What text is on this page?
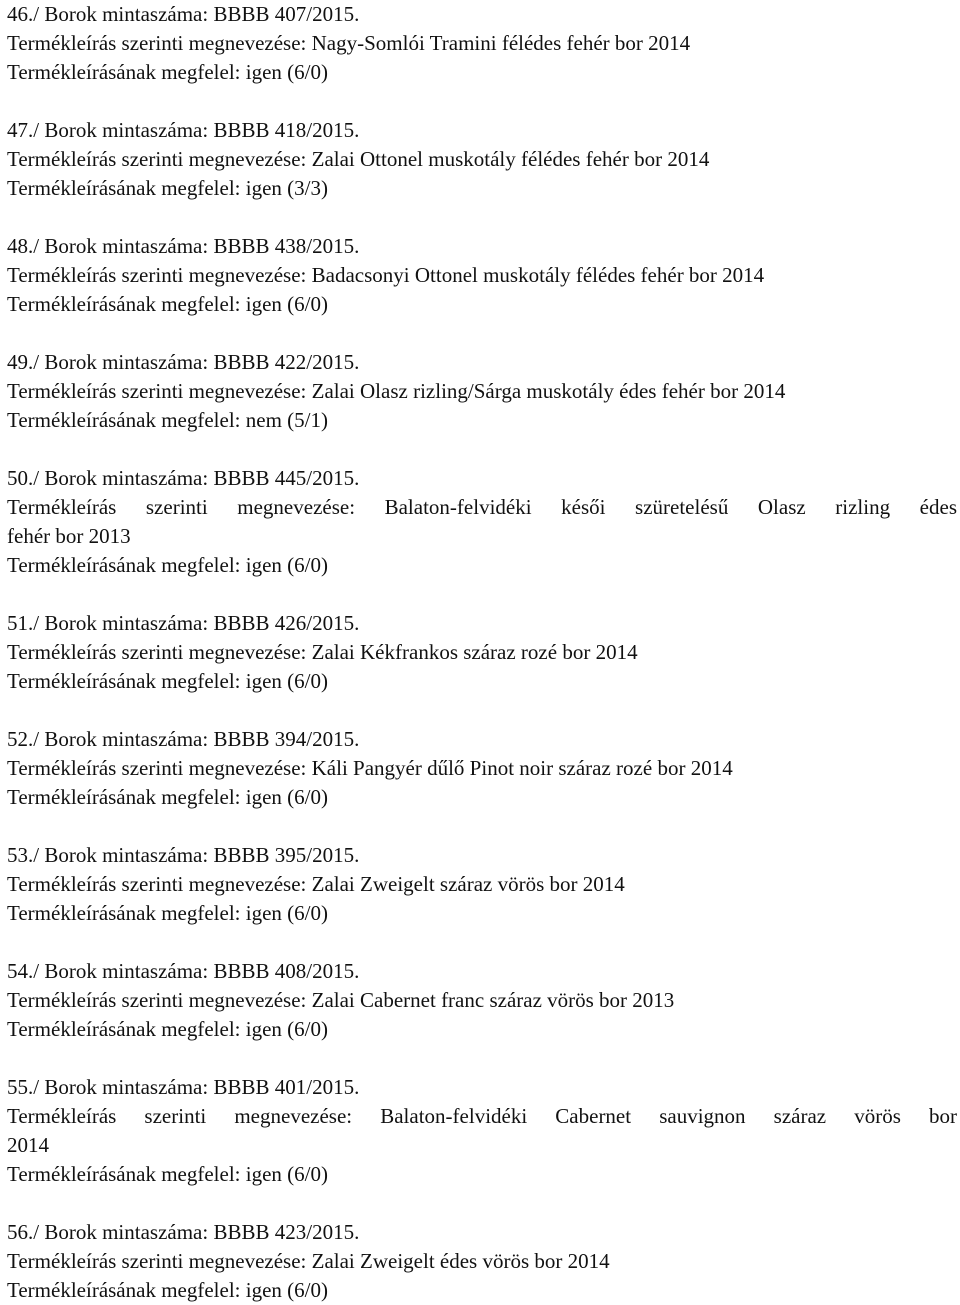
46./ Borok mintaszáma: BBBB 407/2015.
Termékleírás szerinti megnevezése: Nagy-Somlói Tramini félédes fehér bor 2014
Termékleírásának megfelel: igen (6/0)
47./ Borok mintaszáma: BBBB 418/2015.
Termékleírás szerinti megnevezése: Zalai Ottonel muskotály félédes fehér bor 2014
Termékleírásának megfelel: igen (3/3)
48./ Borok mintaszáma: BBBB 438/2015.
Termékleírás szerinti megnevezése: Badacsonyi Ottonel muskotály félédes fehér bor 2014
Termékleírásának megfelel: igen (6/0)
49./ Borok mintaszáma: BBBB 422/2015.
Termékleírás szerinti megnevezése: Zalai Olasz rizling/Sárga muskotály édes fehér bor 2014
Termékleírásának megfelel: nem (5/1)
50./ Borok mintaszáma: BBBB 445/2015.
Termékleírás szerinti megnevezése: Balaton-felvidéki késői szüretelésű Olasz rizling édes
fehér bor 2013
Termékleírásának megfelel: igen (6/0)
51./ Borok mintaszáma: BBBB 426/2015.
Termékleírás szerinti megnevezése: Zalai Kékfrankos száraz rozé bor 2014
Termékleírásának megfelel: igen (6/0)
52./ Borok mintaszáma: BBBB 394/2015.
Termékleírás szerinti megnevezése: Káli Pangyér dűlő Pinot noir száraz rozé bor 2014
Termékleírásának megfelel: igen (6/0)
53./ Borok mintaszáma: BBBB 395/2015.
Termékleírás szerinti megnevezése: Zalai Zweigelt száraz vörös bor 2014
Termékleírásának megfelel: igen (6/0)
54./ Borok mintaszáma: BBBB 408/2015.
Termékleírás szerinti megnevezése: Zalai Cabernet franc száraz vörös bor 2013
Termékleírásának megfelel: igen (6/0)
55./ Borok mintaszáma: BBBB 401/2015.
Termékleírás szerinti megnevezése: Balaton-felvidéki Cabernet sauvignon száraz vörös bor
2014
Termékleírásának megfelel: igen (6/0)
56./ Borok mintaszáma: BBBB 423/2015.
Termékleírás szerinti megnevezése: Zalai Zweigelt édes vörös bor 2014
Termékleírásának megfelel: igen (6/0)
